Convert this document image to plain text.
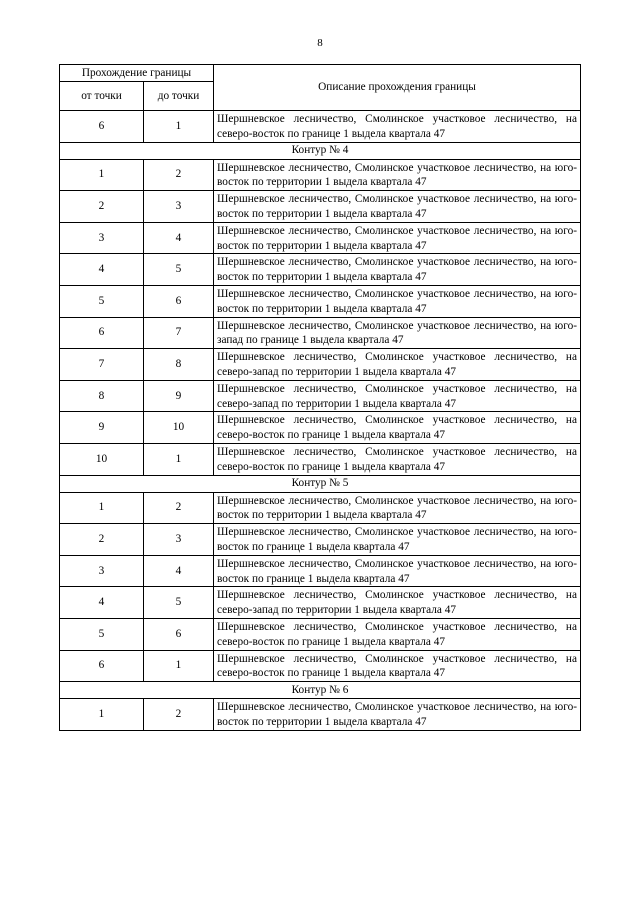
8
Прохождение границы		Описание прохождения границы
от точки	до точки	
6	1	Шершневское лесничество, Смолинское участковое лесничество, на северо-восток по границе 1 выдела квартала 47
Контур № 4		
1	2	Шершневское лесничество, Смолинское участковое лесничество, на юго-восток по территории 1 выдела квартала 47
2	3	Шершневское лесничество, Смолинское участковое лесничество, на юго-восток по территории 1 выдела квартала 47
3	4	Шершневское лесничество, Смолинское участковое лесничество, на юго-восток по территории 1 выдела квартала 47
4	5	Шершневское лесничество, Смолинское участковое лесничество, на юго-восток по территории 1 выдела квартала 47
5	6	Шершневское лесничество, Смолинское участковое лесничество, на юго-восток по территории 1 выдела квартала 47
6	7	Шершневское лесничество, Смолинское участковое лесничество, на юго-запад по границе 1 выдела квартала 47
7	8	Шершневское лесничество, Смолинское участковое лесничество, на северо-запад по территории 1 выдела квартала 47
8	9	Шершневское лесничество, Смолинское участковое лесничество, на северо-запад по территории 1 выдела квартала 47
9	10	Шершневское лесничество, Смолинское участковое лесничество, на северо-восток по границе 1 выдела квартала 47
10	1	Шершневское лесничество, Смолинское участковое лесничество, на северо-восток по границе 1 выдела квартала 47
Контур № 5		
1	2	Шершневское лесничество, Смолинское участковое лесничество, на юго-восток по территории 1 выдела квартала 47
2	3	Шершневское лесничество, Смолинское участковое лесничество, на юго-восток по границе 1 выдела квартала 47
3	4	Шершневское лесничество, Смолинское участковое лесничество, на юго-восток по границе 1 выдела квартала 47
4	5	Шершневское лесничество, Смолинское участковое лесничество, на северо-запад по территории 1 выдела квартала 47
5	6	Шершневское лесничество, Смолинское участковое лесничество, на северо-восток по границе 1 выдела квартала 47
6	1	Шершневское лесничество, Смолинское участковое лесничество, на северо-восток по границе 1 выдела квартала 47
Контур № 6		
1	2	Шершневское лесничество, Смолинское участковое лесничество, на юго-восток по территории 1 выдела квартала 47
